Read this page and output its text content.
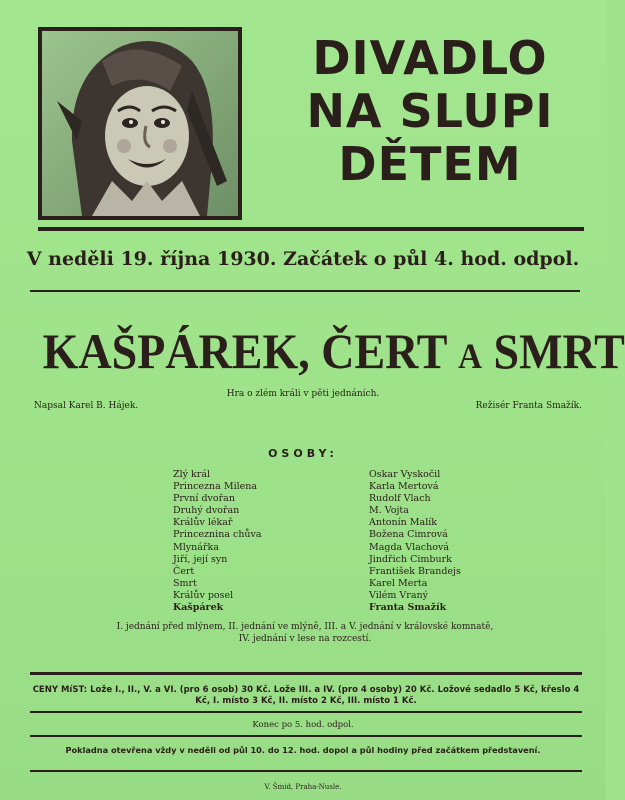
DIVADLO
NA SLUPI
DĚTEM
V neděli 19. října 1930. Začátek o půl 4. hod. odpol.
KAŠPÁREK, ČERT A SMRT
Hra o zlém králi v pěti jednáních.
Napsal Karel B. Hájek.	Režisér Franta Smažík.
OSOBY:
Zlý král
Princezna Milena
První dvořan
Druhý dvořan
Králův lékař
Princeznina chůva
Mlynářka
Jiří, její syn
Čert
Smrt
Králův posel
Kašpárek
Oskar Vyskočil
Karla Mertová
Rudolf Vlach
M. Vojta
Antonín Malík
Božena Cimrová
Magda Vlachová
Jindřich Cimburk
František Brandejs
Karel Merta
Vilém Vraný
Franta Smažík
I. jednání před mlýnem, II. jednání ve mlýně, III. a V. jednání v královské komnatě, IV. jednání v lese na rozcestí.
CENY MíST: Lože I., II., V. a VI. (pro 6 osob) 30 Kč. Lože III. a IV. (pro 4 osoby) 20 Kč. Ložové sedadlo 5 Kč, křeslo 4 Kč, I. místo 3 Kč, II. místo 2 Kč, III. místo 1 Kč.
Konec po 5. hod. odpol.
Pokladna otevřena vždy v neděli od půl 10. do 12. hod. dopol a půl hodiny před začátkem představení.
V. Šmid, Praha-Nusle.
